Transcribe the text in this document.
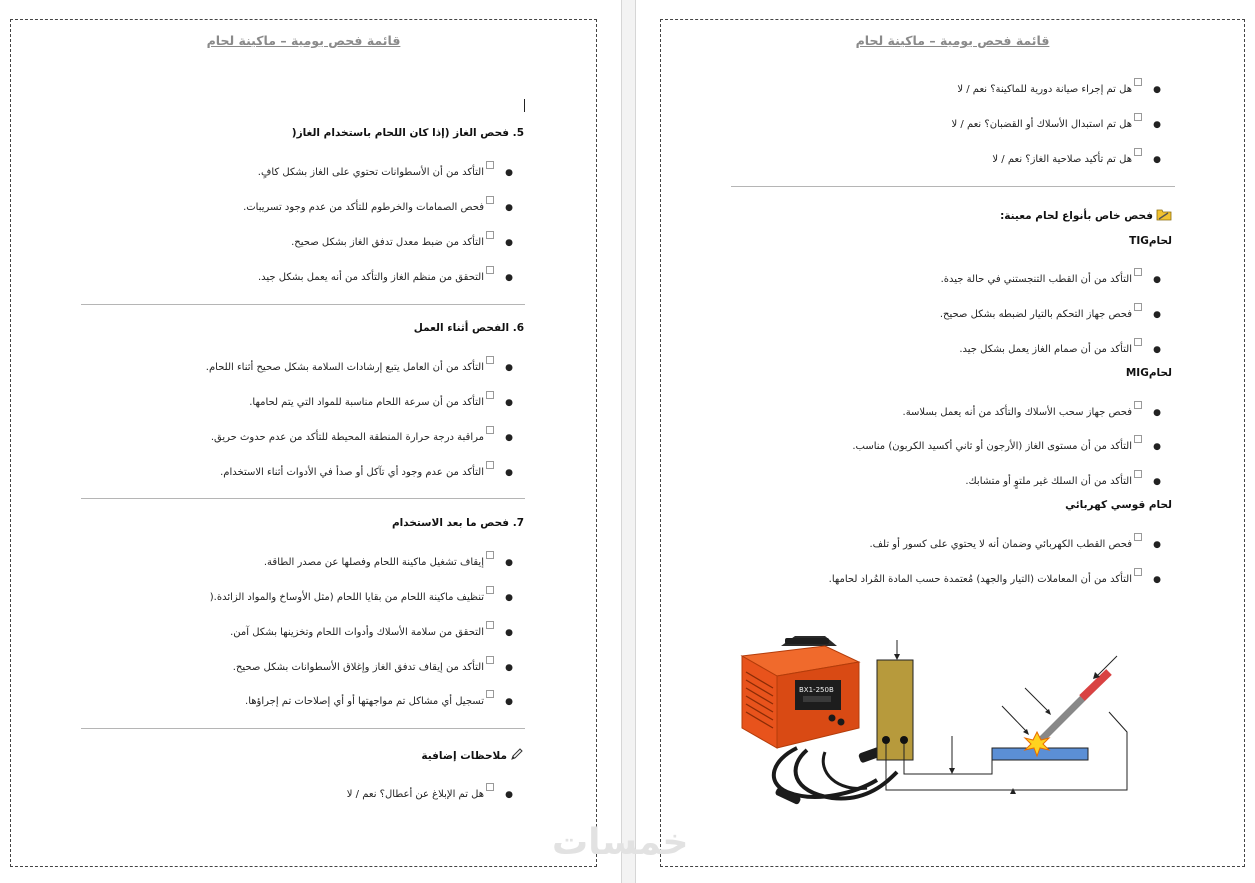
قائمة فحص يومية – ماكينة لحام
5. فحص الغاز (إذا كان اللحام باستخدام الغاز(
●التأكد من أن الأسطوانات تحتوي على الغاز بشكل كافٍ.
●فحص الصمامات والخرطوم للتأكد من عدم وجود تسريبات.
●التأكد من ضبط معدل تدفق الغاز بشكل صحيح.
●التحقق من منظم الغاز والتأكد من أنه يعمل بشكل جيد.
6. الفحص أثناء العمل
●التأكد من أن العامل يتبع إرشادات السلامة بشكل صحيح أثناء اللحام.
●التأكد من أن سرعة اللحام مناسبة للمواد التي يتم لحامها.
●مراقبة درجة حرارة المنطقة المحيطة للتأكد من عدم حدوث حريق.
●التأكد من عدم وجود أي تآكل أو صدأ في الأدوات أثناء الاستخدام.
7. فحص ما بعد الاستخدام
●إيقاف تشغيل ماكينة اللحام وفصلها عن مصدر الطاقة.
●تنظيف ماكينة اللحام من بقايا اللحام (مثل الأوساخ والمواد الزائدة.(
●التحقق من سلامة الأسلاك وأدوات اللحام وتخزينها بشكل آمن.
●التأكد من إيقاف تدفق الغاز وإغلاق الأسطوانات بشكل صحيح.
●تسجيل أي مشاكل تم مواجهتها أو أي إصلاحات تم إجراؤها.
ملاحظات إضافية
●هل تم الإبلاغ عن أعطال؟ نعم / لا
قائمة فحص يومية – ماكينة لحام
●هل تم إجراء صيانة دورية للماكينة؟ نعم / لا
●هل تم استبدال الأسلاك أو القضبان؟ نعم / لا
●هل تم تأكيد صلاحية الغاز؟ نعم / لا
فحص خاص بأنواع لحام معينة:
لحامTIG
●التأكد من أن القطب التنجستني في حالة جيدة.
●فحص جهاز التحكم بالتيار لضبطه بشكل صحيح.
●التأكد من أن صمام الغاز يعمل بشكل جيد.
لحامMIG
●فحص جهاز سحب الأسلاك والتأكد من أنه يعمل بسلاسة.
●التأكد من أن مستوى الغاز (الأرجون أو ثاني أكسيد الكربون) مناسب.
●التأكد من أن السلك غير ملتوٍ أو متشابك.
لحام قوسي كهربائي
●فحص القطب الكهربائي وضمان أنه لا يحتوي على كسور أو تلف.
●التأكد من أن المعاملات (التيار والجهد) مُعتمدة حسب المادة المُراد لحامها.
BX1-250B
خمسات
